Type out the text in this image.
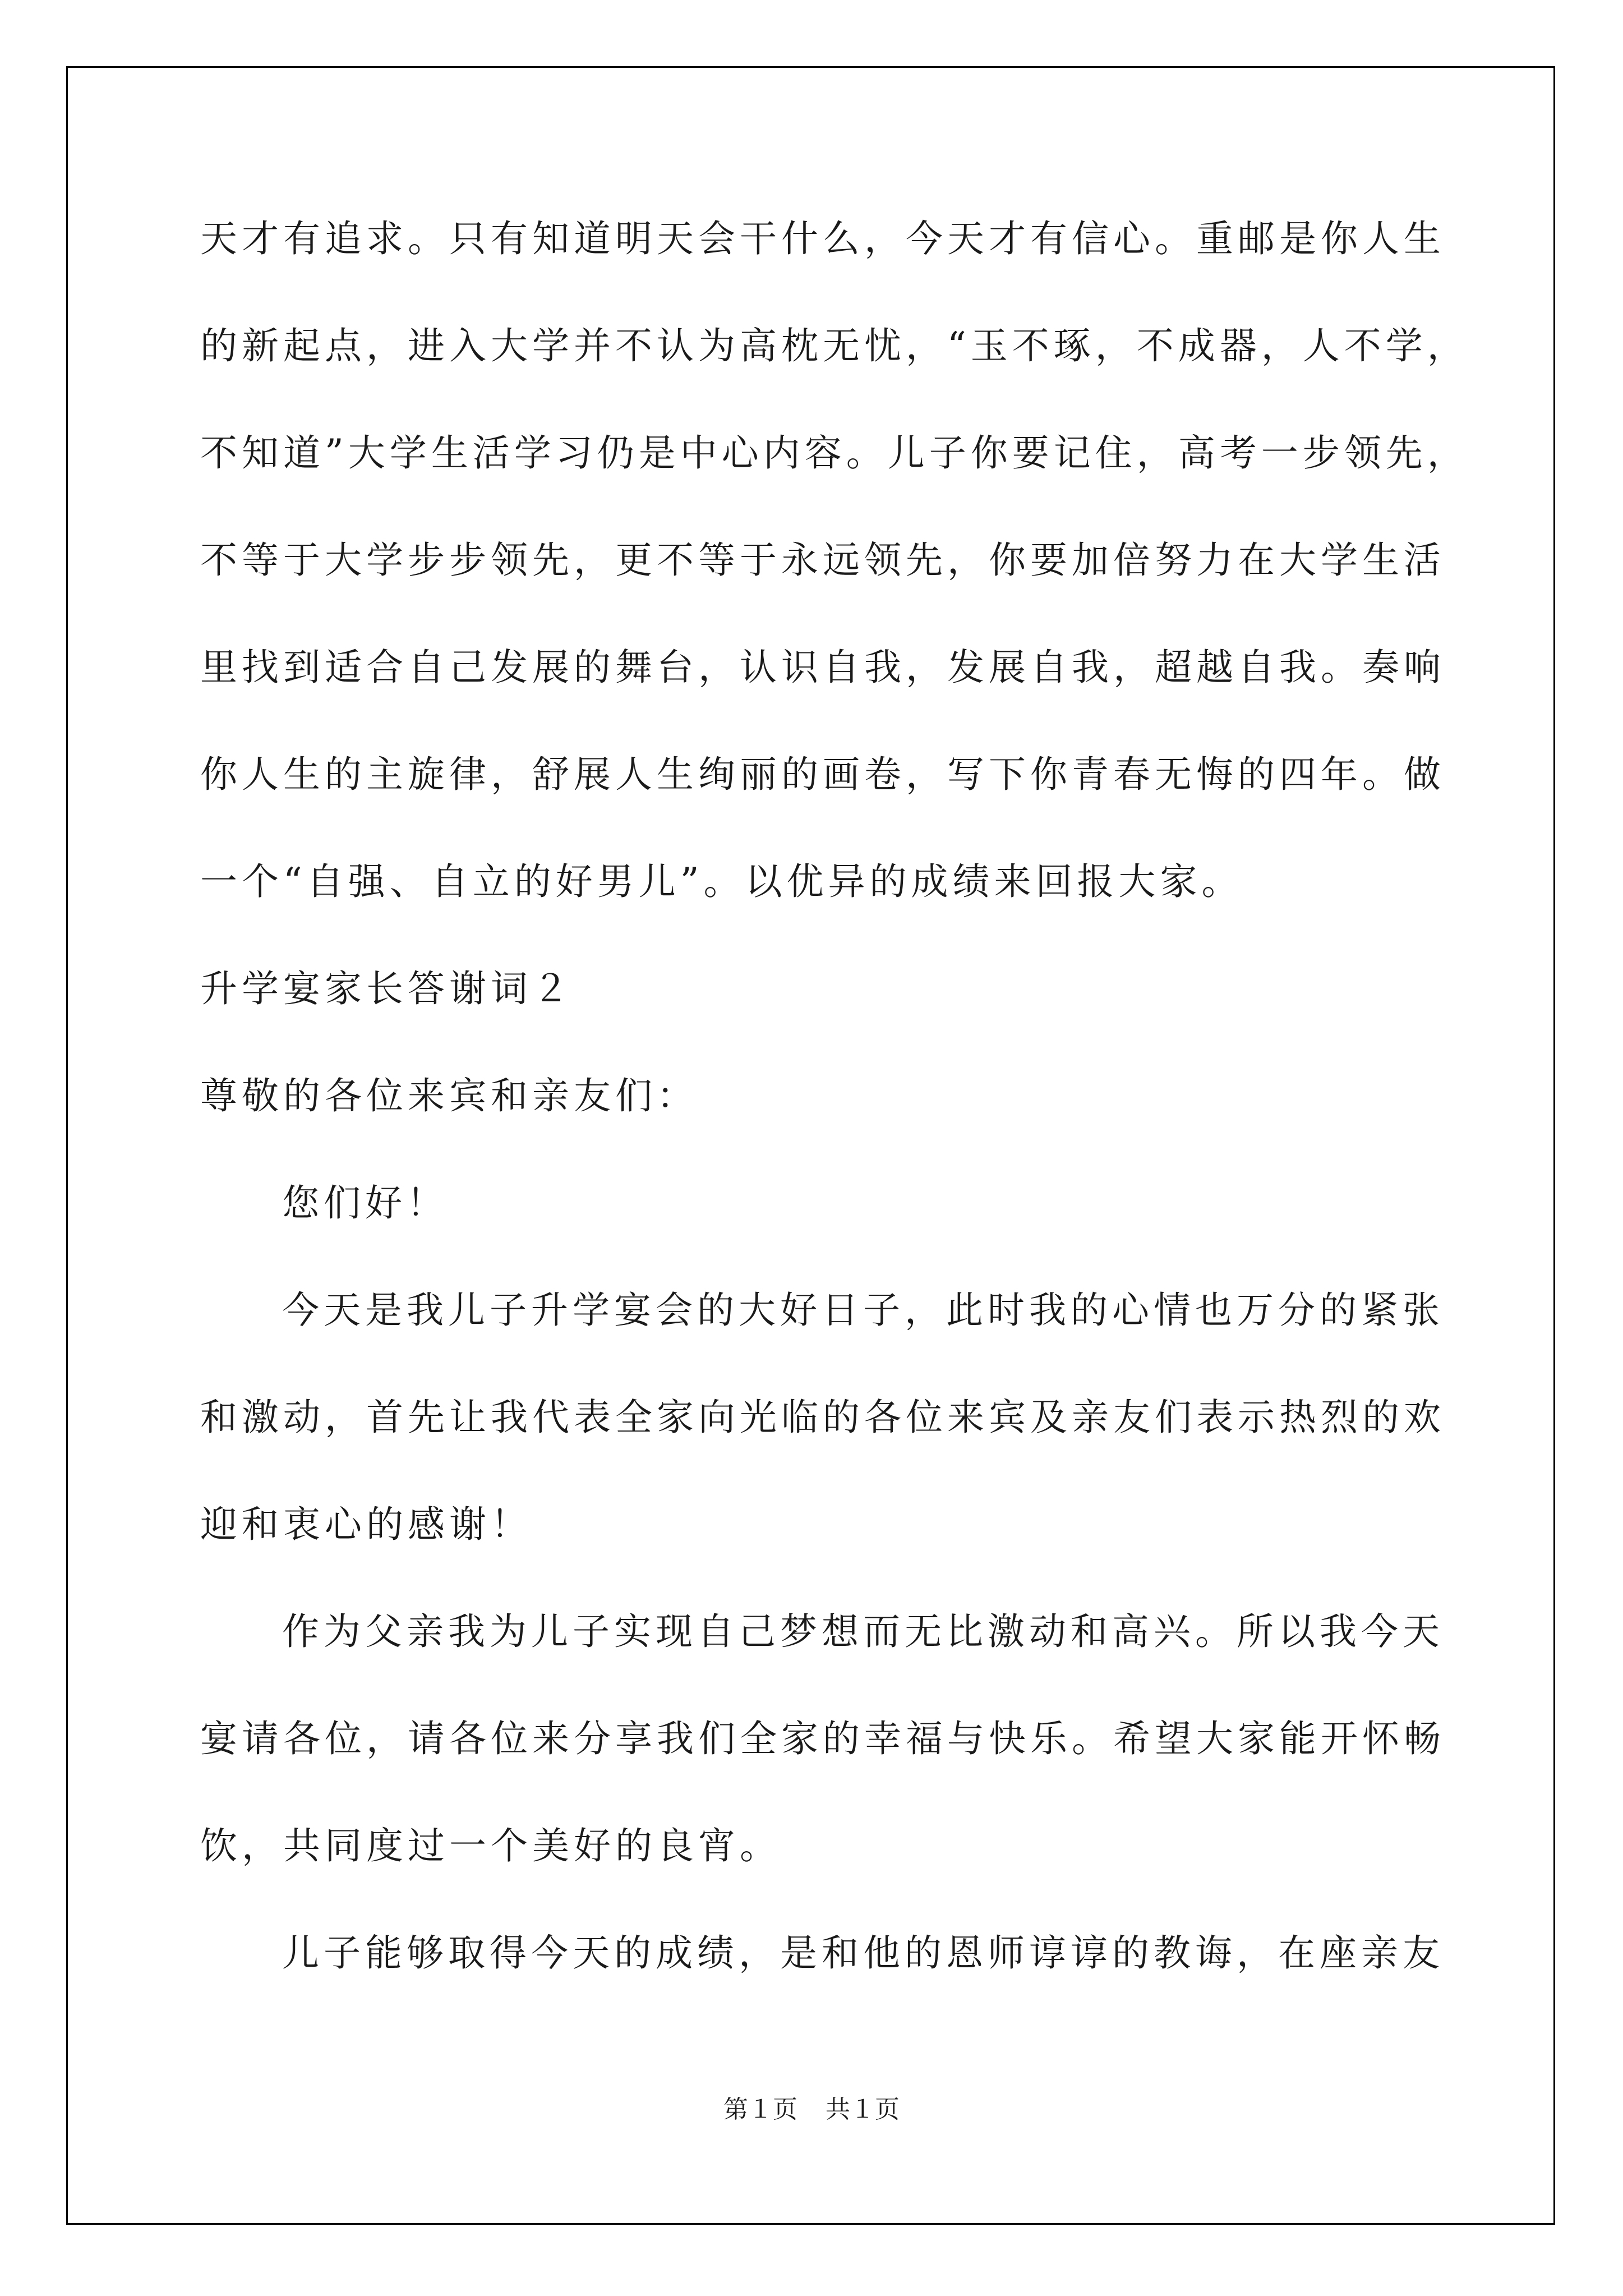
天才有追求。只有知道明天会干什么，今天才有信心。重邮是你人生
的新起点，进入大学并不认为高枕无忧，“玉不琢，不成器，人不学，
不知道”大学生活学习仍是中心内容。儿子你要记住，高考一步领先，
不等于大学步步领先，更不等于永远领先，你要加倍努力在大学生活
里找到适合自己发展的舞台，认识自我，发展自我，超越自我。奏响
你人生的主旋律，舒展人生绚丽的画卷，写下你青春无悔的四年。做
一个“自强、自立的好男儿”。以优异的成绩来回报大家。
升学宴家长答谢词２
尊敬的各位来宾和亲友们：
您们好！
今天是我儿子升学宴会的大好日子，此时我的心情也万分的紧张
和激动，首先让我代表全家向光临的各位来宾及亲友们表示热烈的欢
迎和衷心的感谢！
作为父亲我为儿子实现自己梦想而无比激动和高兴。所以我今天
宴请各位，请各位来分享我们全家的幸福与快乐。希望大家能开怀畅
饮，共同度过一个美好的良宵。
儿子能够取得今天的成绩，是和他的恩师谆谆的教诲，在座亲友
第１页 共１页
